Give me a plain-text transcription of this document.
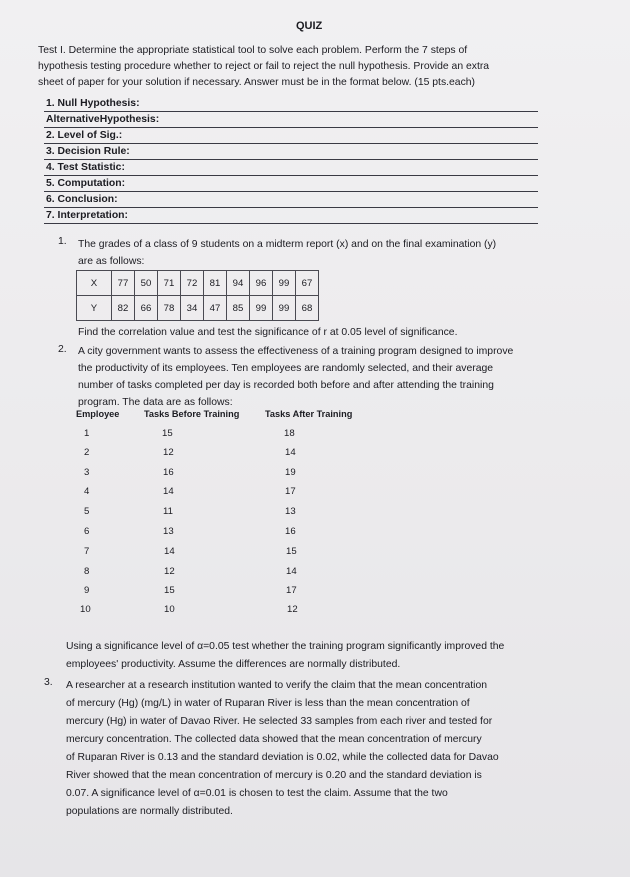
QUIZ
Test I. Determine the appropriate statistical tool to solve each problem. Perform the 7 steps of
hypothesis testing procedure whether to reject or fail to reject the null hypothesis. Provide an extra
sheet of paper for your solution if necessary. Answer must be in the format below. (15 pts.each)
1. Null Hypothesis:
AlternativeHypothesis:
2. Level of Sig.:
3. Decision Rule:
4. Test Statistic:
5. Computation:
6. Conclusion:
7. Interpretation:
1. The grades of a class of 9 students on a midterm report (x) and on the final examination (y)
are as follows:
X	77	50	71	72	81	94	96	99	67
Y	82	66	78	34	47	85	99	99	68
Find the correlation value and test the significance of r at 0.05 level of significance.
2. A city government wants to assess the effectiveness of a training program designed to improve
the productivity of its employees. Ten employees are randomly selected, and their average
number of tasks completed per day is recorded both before and after attending the training
program. The data are as follows:
Employee	Tasks Before Training	Tasks After Training
1	15	18
2	12	14
3	16	19
4	14	17
5	11	13
6	13	16
7	14	15
8	12	14
9	15	17
10	10	12
Using a significance level of α=0.05 test whether the training program significantly improved the
employees' productivity. Assume the differences are normally distributed.
3. A researcher at a research institution wanted to verify the claim that the mean concentration
of mercury (Hg) (mg/L) in water of Ruparan River is less than the mean concentration of
mercury (Hg) in water of Davao River. He selected 33 samples from each river and tested for
mercury concentration. The collected data showed that the mean concentration of mercury
of Ruparan River is 0.13 and the standard deviation is 0.02, while the collected data for Davao
River showed that the mean concentration of mercury is 0.20 and the standard deviation is
0.07. A significance level of α=0.01 is chosen to test the claim. Assume that the two
populations are normally distributed.
